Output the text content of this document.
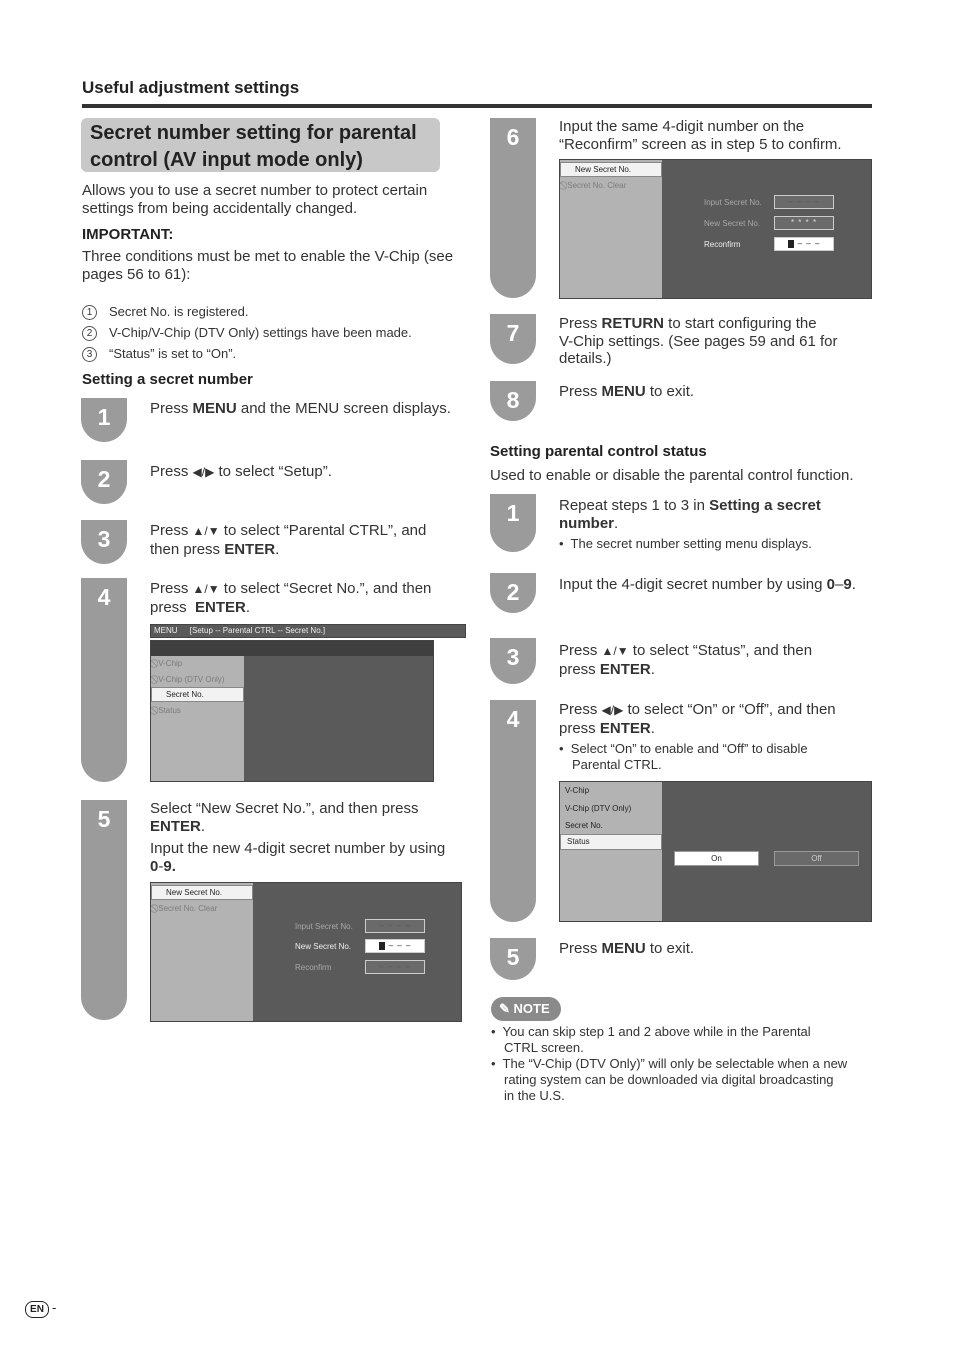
Useful adjustment settings
Secret number setting for parental
control (AV input mode only)
Allows you to use a secret number to protect certain
settings from being accidentally changed.
IMPORTANT:
Three conditions must be met to enable the V-Chip (see
pages 56 to 61):
1 Secret No. is registered.
2 V-Chip/V-Chip (DTV Only) settings have been made.
3 “Status” is set to “On”.
Setting a secret number
1
2
3
4
5
Press MENU and the MENU screen displays.
Press ◀/▶ to select “Setup”.
Press ▲/▼ to select “Parental CTRL”, and
then press ENTER.
Press ▲/▼ to select “Secret No.”, and then
press  ENTER.
MENU [Setup -- Parental CTRL -- Secret No.]
⃠ V-Chip
⃠ V-Chip (DTV Only)
Secret No.
⃠ Status
Select “New Secret No.”, and then press
ENTER.
Input the new 4-digit secret number by using
0-9.
New Secret No.
⃠ Secret No. Clear
Input Secret No.
New Secret No.
Reconfirm
– – – –
– – –
– – – –
6	Input the same 4-digit number on the
“Reconfirm” screen as in step 5 to confirm.
New Secret No.
⃠ Secret No. Clear
Input Secret No.
New Secret No.
Reconfirm
– – – –
* * * *
– – –
7	Press RETURN to start configuring the
V-Chip settings. (See pages 59 and 61 for
details.)
8	Press MENU to exit.
Setting parental control status
Used to enable or disable the parental control function.
1	Repeat steps 1 to 3 in Setting a secret
number.
•  The secret number setting menu displays.
2	Input the 4-digit secret number by using 0–9.
3	Press ▲/▼ to select “Status”, and then
press ENTER.
4	Press ◀/▶ to select “On” or “Off”, and then
press ENTER.
•  Select “On” to enable and “Off” to disable
Parental CTRL.
V-Chip
V-Chip (DTV Only)
Secret No.
Status
On	Off
5	Press MENU to exit.
✎ NOTE
•  You can skip step 1 and 2 above while in the Parental
CTRL screen.
•  The “V-Chip (DTV Only)” will only be selectable when a new
rating system can be downloaded via digital broadcasting
in the U.S.
EN -
